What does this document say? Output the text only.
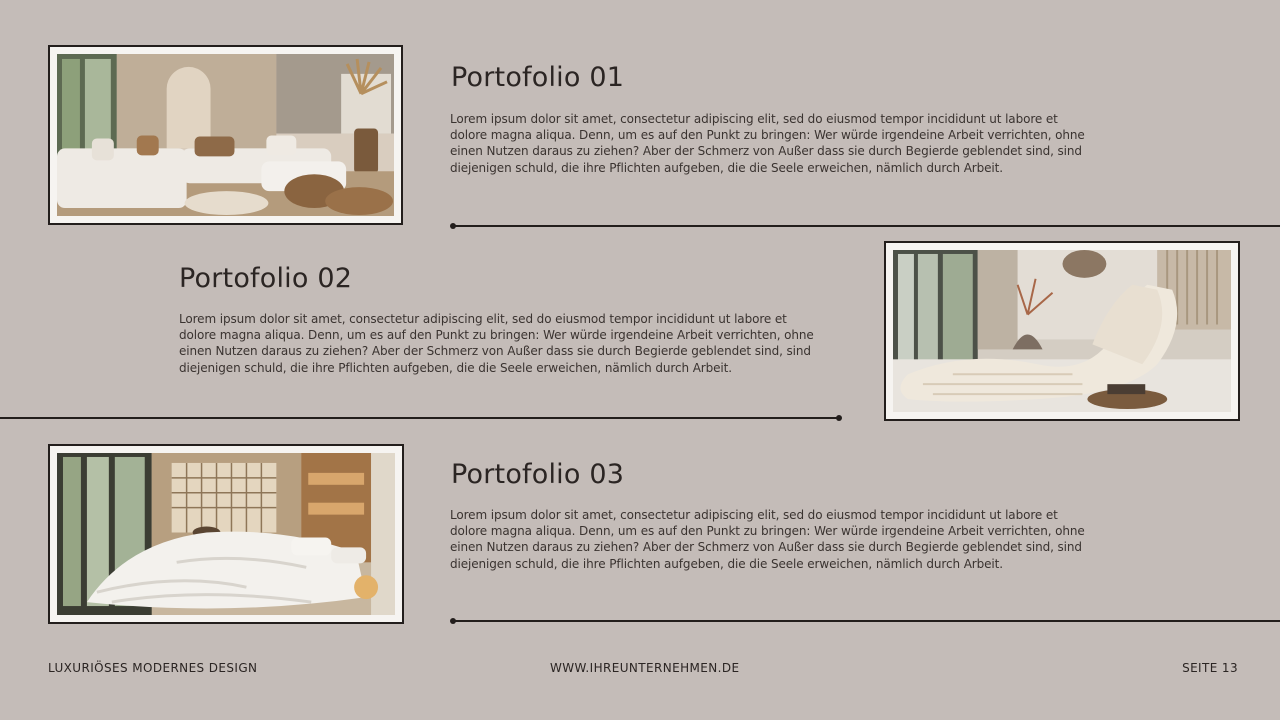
Portofolio 01

Lorem ipsum dolor sit amet, consectetur adipiscing elit, sed do eiusmod tempor incididunt ut labore et dolore magna aliqua. Denn, um es auf den Punkt zu bringen: Wer würde irgendeine Arbeit verrichten, ohne einen Nutzen daraus zu ziehen? Aber der Schmerz von Außer dass sie durch Begierde geblendet sind, sind diejenigen schuld, die ihre Pflichten aufgeben, die die Seele erweichen, nämlich durch Arbeit.

Portofolio 02

Lorem ipsum dolor sit amet, consectetur adipiscing elit, sed do eiusmod tempor incididunt ut labore et dolore magna aliqua. Denn, um es auf den Punkt zu bringen: Wer würde irgendeine Arbeit verrichten, ohne einen Nutzen daraus zu ziehen? Aber der Schmerz von Außer dass sie durch Begierde geblendet sind, sind diejenigen schuld, die ihre Pflichten aufgeben, die die Seele erweichen, nämlich durch Arbeit.

Portofolio 03

Lorem ipsum dolor sit amet, consectetur adipiscing elit, sed do eiusmod tempor incididunt ut labore et dolore magna aliqua. Denn, um es auf den Punkt zu bringen: Wer würde irgendeine Arbeit verrichten, ohne einen Nutzen daraus zu ziehen? Aber der Schmerz von Außer dass sie durch Begierde geblendet sind, sind diejenigen schuld, die ihre Pflichten aufgeben, die die Seele erweichen, nämlich durch Arbeit.

LUXURIÖSES MODERNES DESIGN	WWW.IHREUNTERNEHMEN.DE	SEITE 13
